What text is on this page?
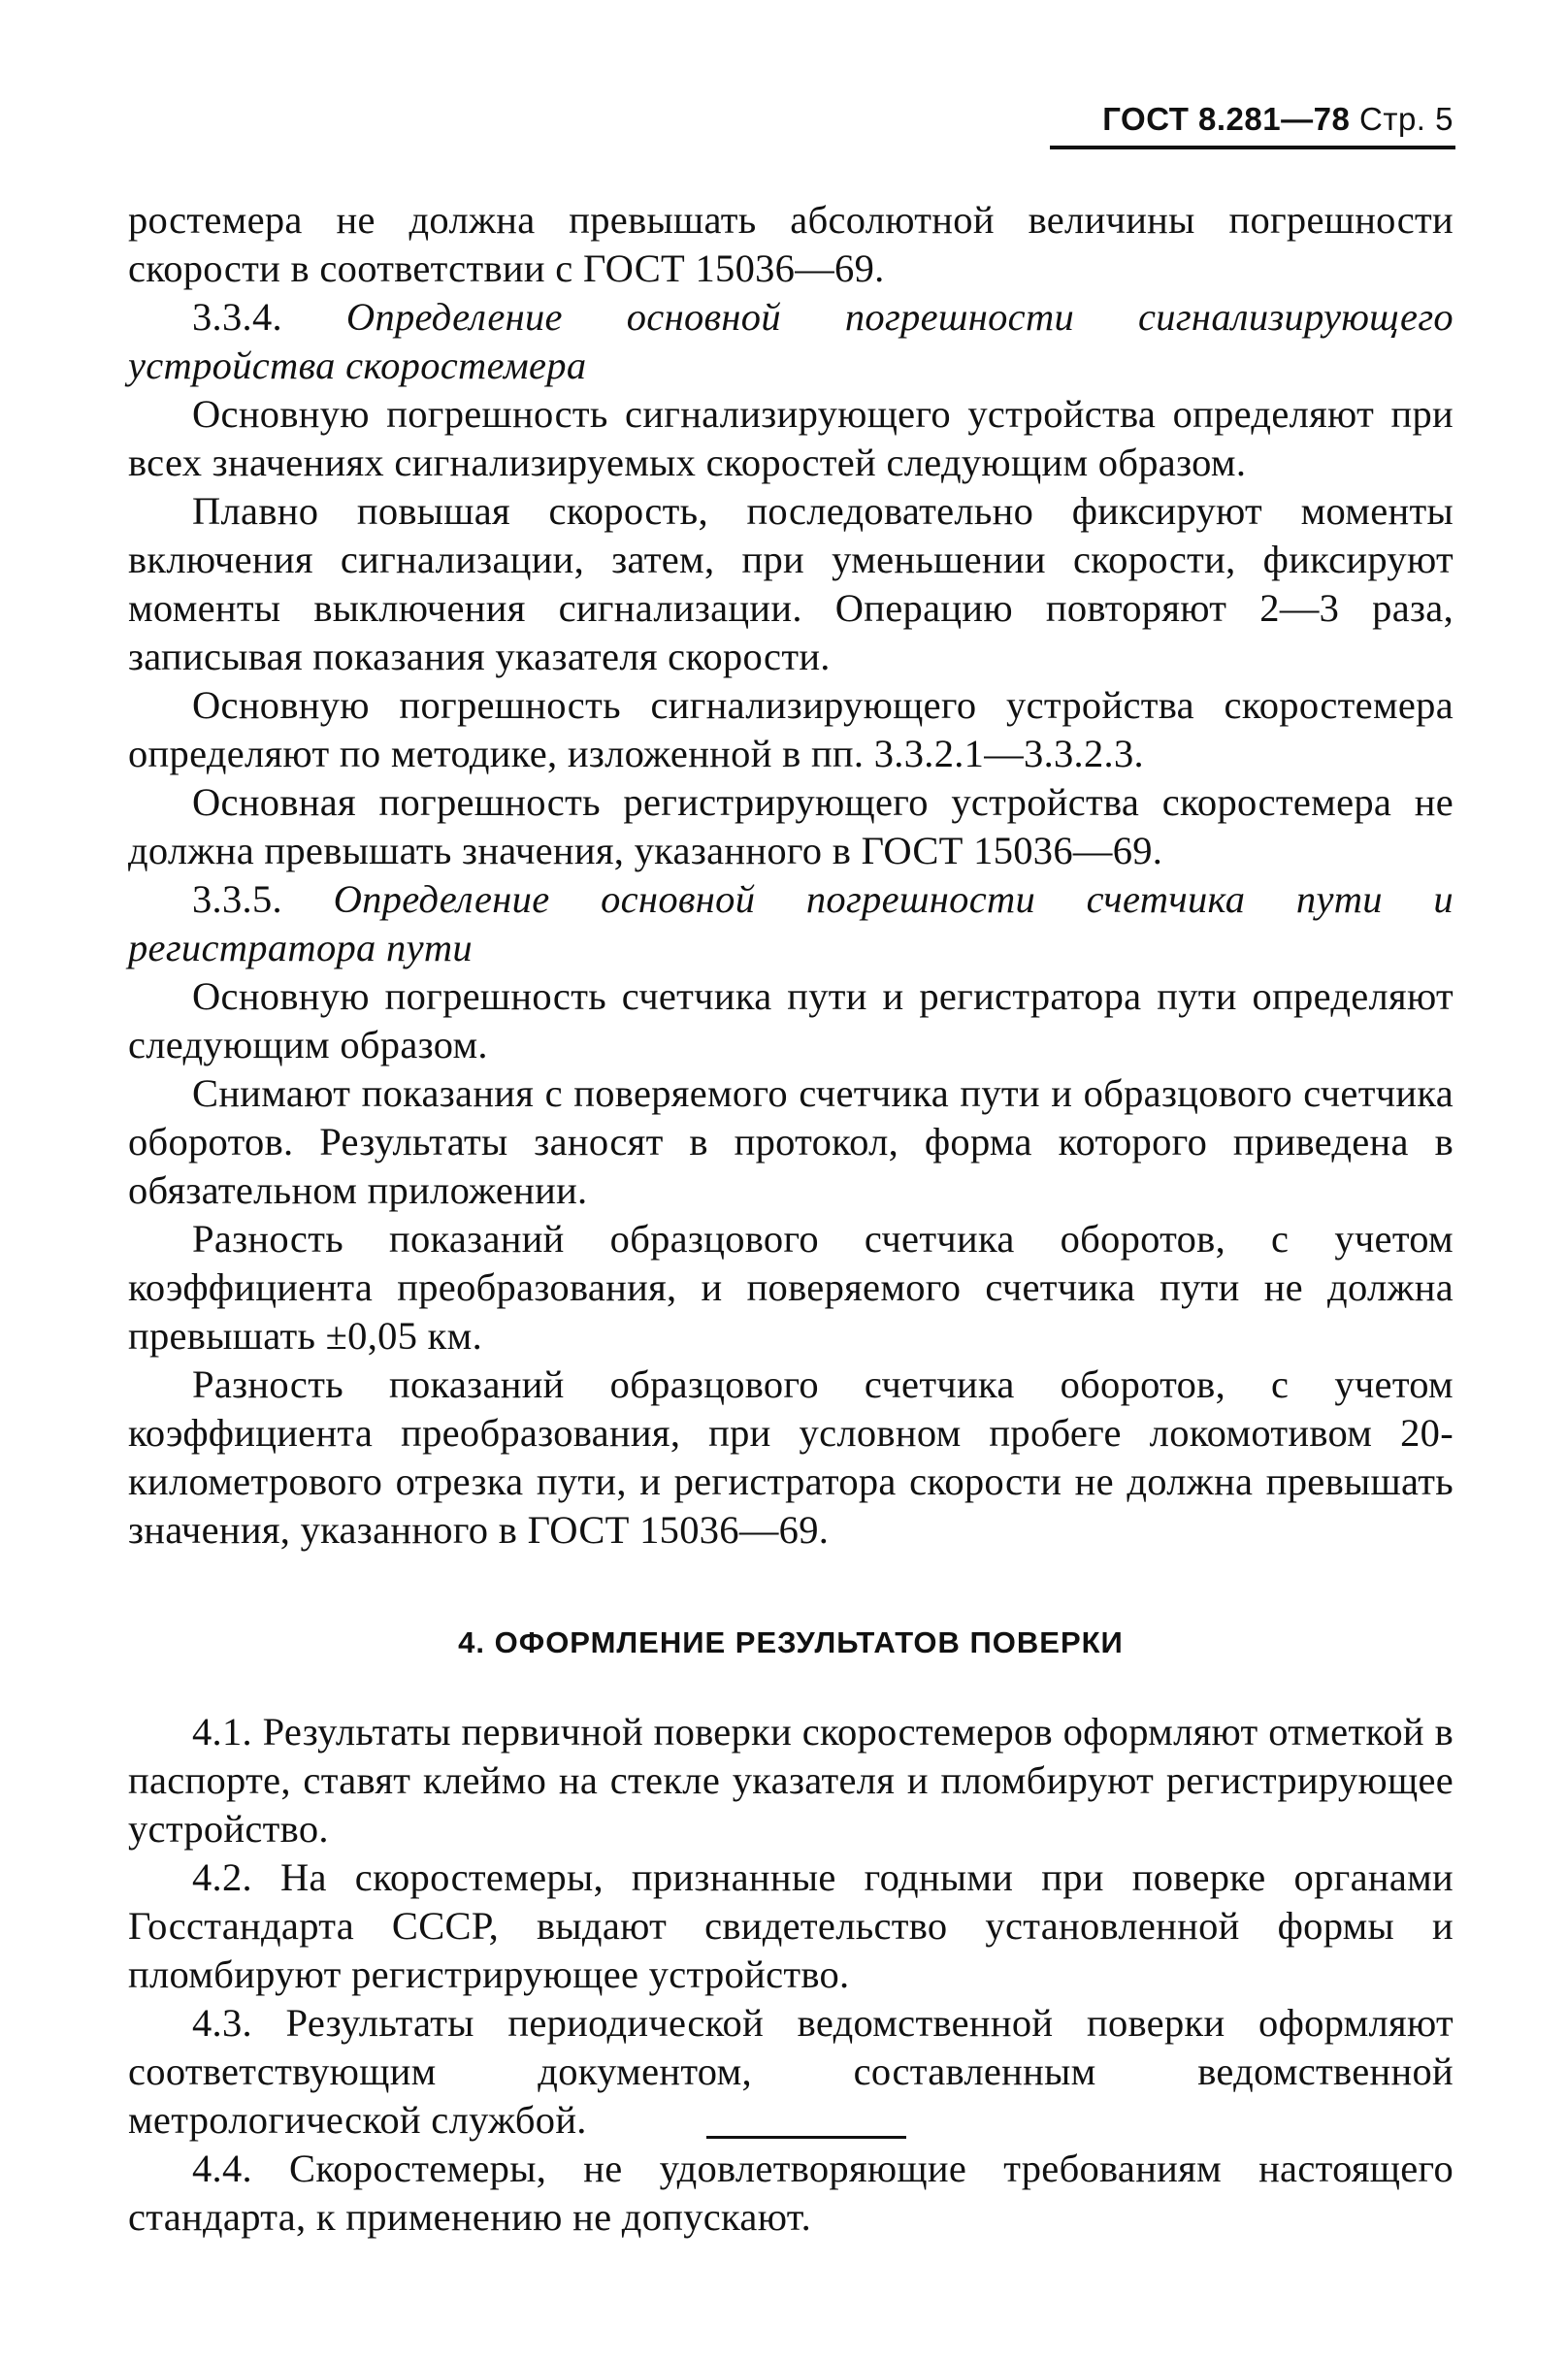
ГОСТ 8.281—78 Стр. 5

ростемера не должна превышать абсолютной величины погрешности скорости в соответствии с ГОСТ 15036—69.

3.3.4. Определение основной погрешности сигнализирующего устройства скоростемера

Основную погрешность сигнализирующего устройства определяют при всех значениях сигнализируемых скоростей следующим образом.

Плавно повышая скорость, последовательно фиксируют моменты включения сигнализации, затем, при уменьшении скорости, фиксируют моменты выключения сигнализации. Операцию повторяют 2—3 раза, записывая показания указателя скорости.

Основную погрешность сигнализирующего устройства скоростемера определяют по методике, изложенной в пп. 3.3.2.1—3.3.2.3.

Основная погрешность регистрирующего устройства скоростемера не должна превышать значения, указанного в ГОСТ 15036—69.

3.3.5. Определение основной погрешности счетчика пути и регистратора пути

Основную погрешность счетчика пути и регистратора пути определяют следующим образом.

Снимают показания с поверяемого счетчика пути и образцового счетчика оборотов. Результаты заносят в протокол, форма которого приведена в обязательном приложении.

Разность показаний образцового счетчика оборотов, с учетом коэффициента преобразования, и поверяемого счетчика пути не должна превышать ±0,05 км.

Разность показаний образцового счетчика оборотов, с учетом коэффициента преобразования, при условном пробеге локомотивом 20-километрового отрезка пути, и регистратора скорости не должна превышать значения, указанного в ГОСТ 15036—69.

4. ОФОРМЛЕНИЕ РЕЗУЛЬТАТОВ ПОВЕРКИ

4.1. Результаты первичной поверки скоростемеров оформляют отметкой в паспорте, ставят клеймо на стекле указателя и пломбируют регистрирующее устройство.

4.2. На скоростемеры, признанные годными при поверке органами Госстандарта СССР, выдают свидетельство установленной формы и пломбируют регистрирующее устройство.

4.3. Результаты периодической ведомственной поверки оформляют соответствующим документом, составленным ведомственной метрологической службой.

4.4. Скоростемеры, не удовлетворяющие требованиям настоящего стандарта, к применению не допускают.
